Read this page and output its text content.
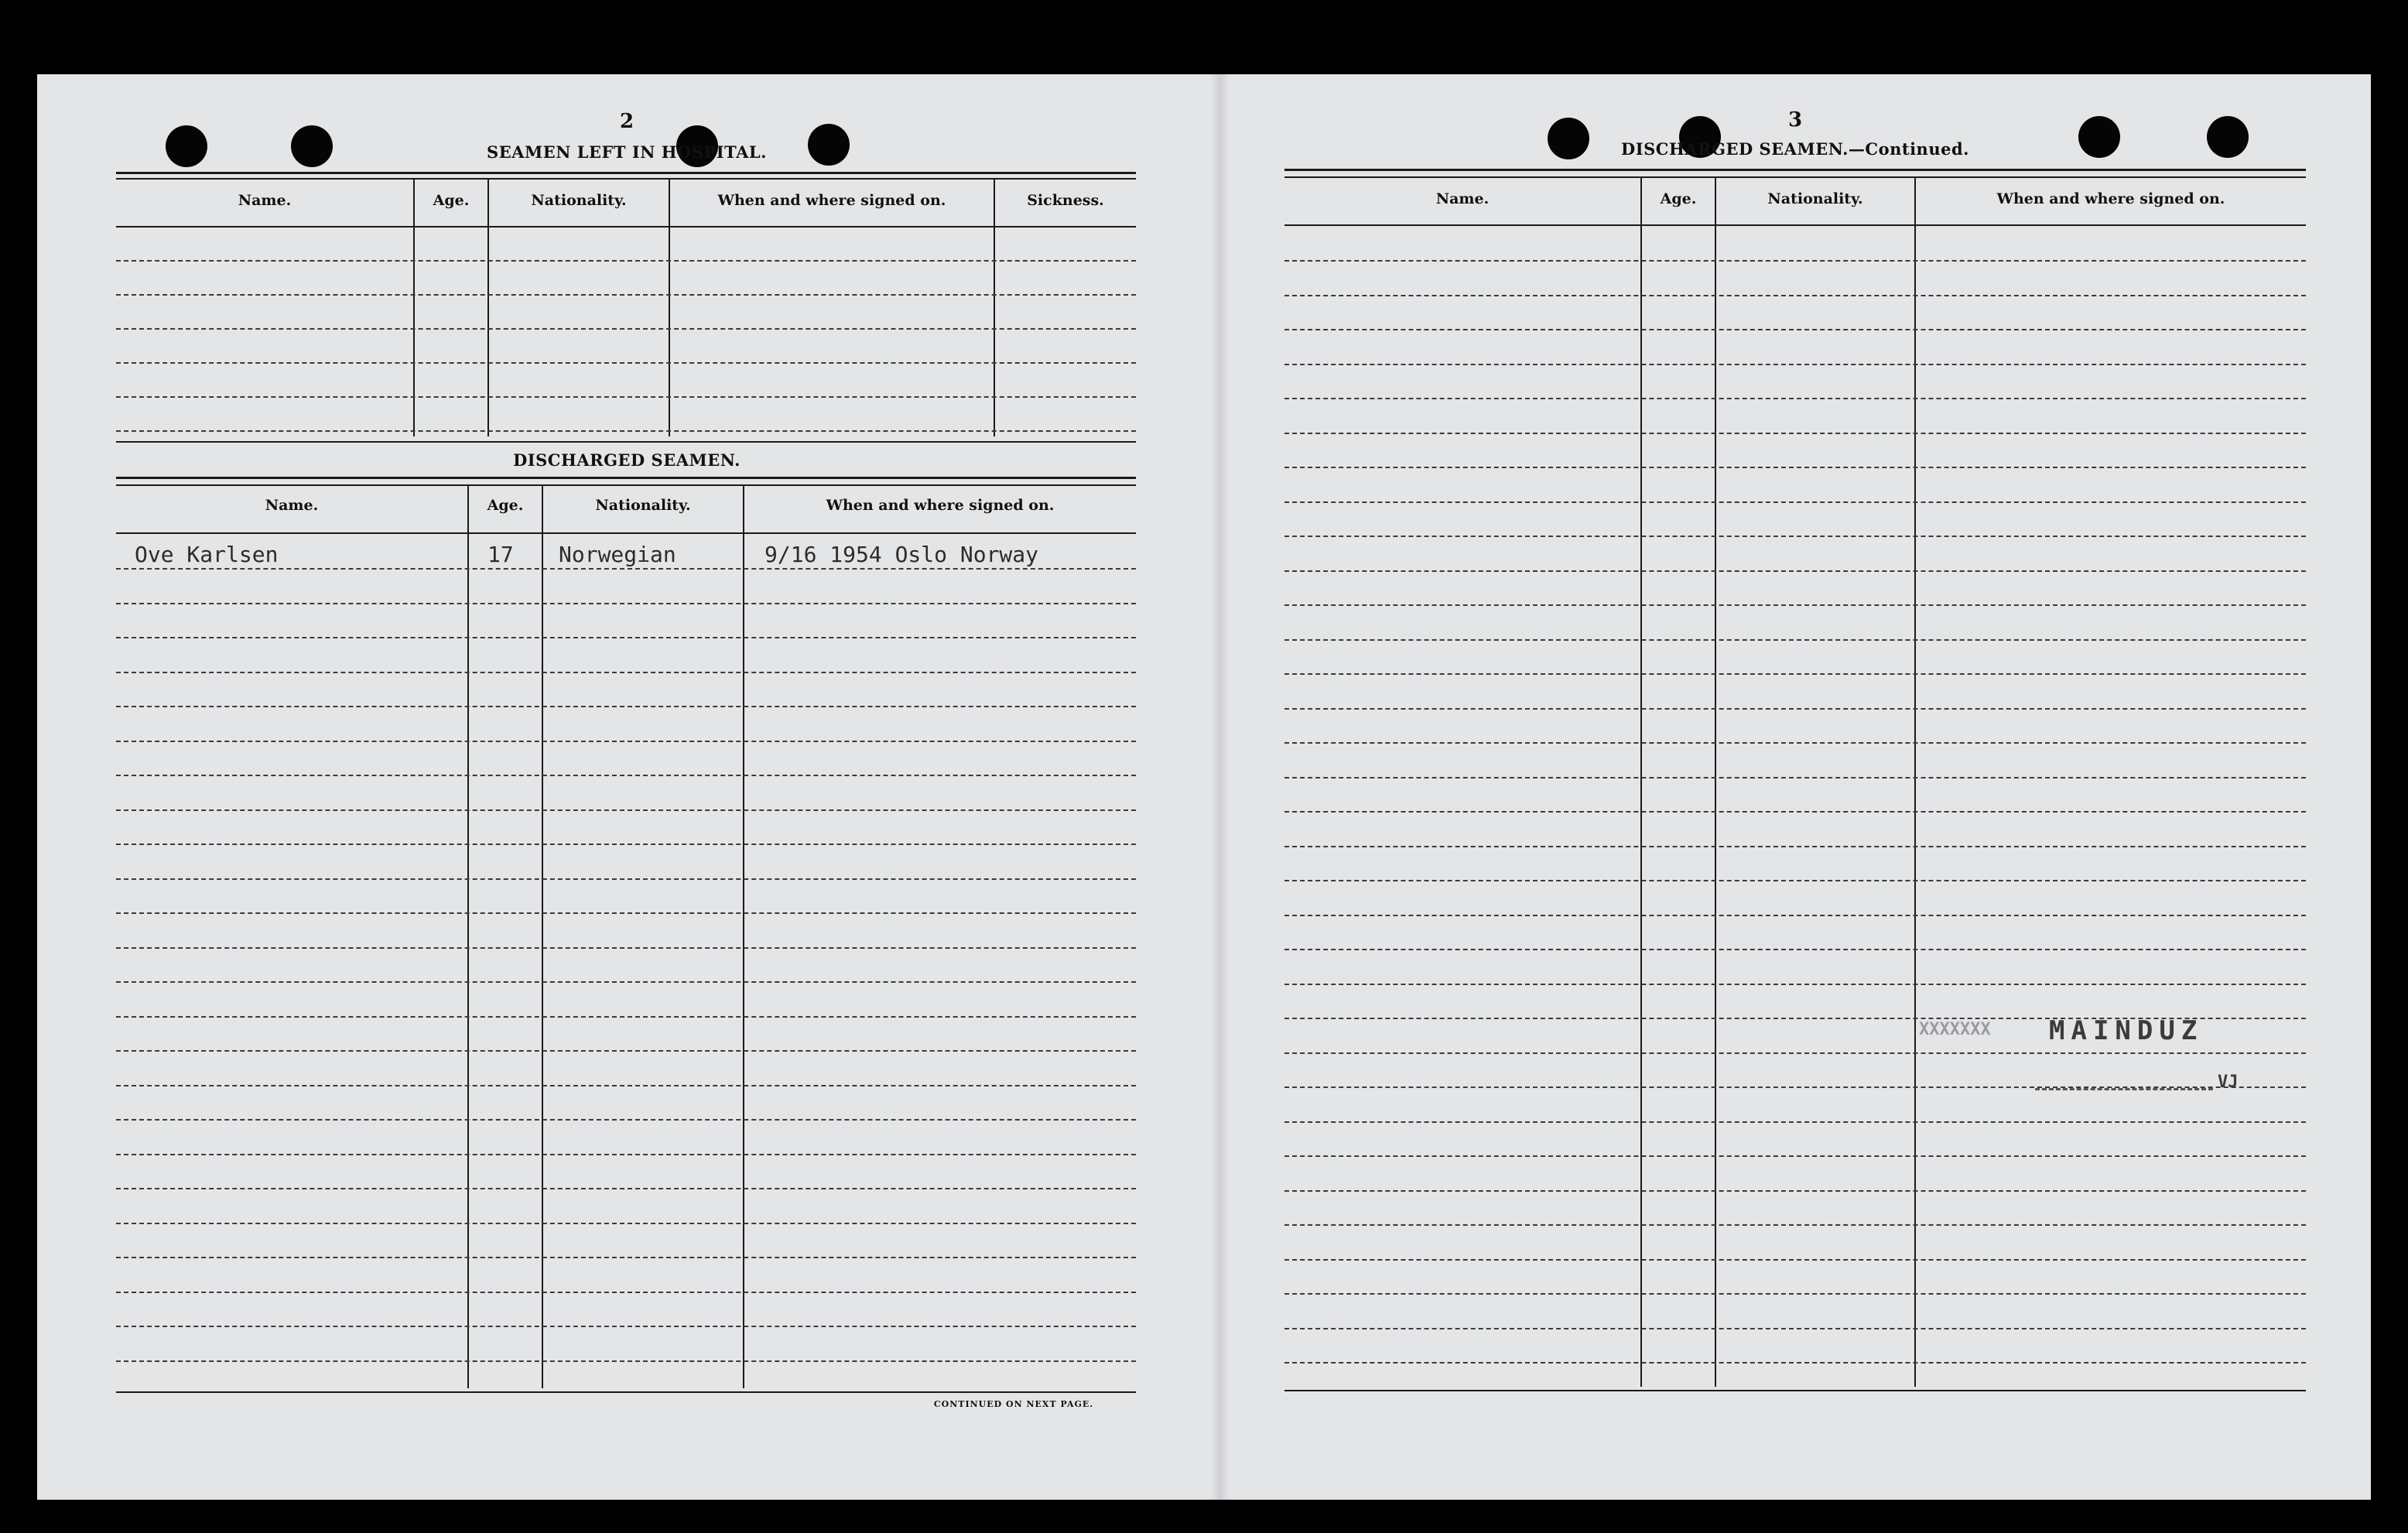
2
SEAMEN LEFT IN HOSPITAL.
Name.	Age.	Nationality.	When and where signed on.	Sickness.
DISCHARGED SEAMEN.
Name.	Age.	Nationality.	When and where signed on.
Ove Karlsen	17 Norwegian	9/16 1954 Oslo Norway
CONTINUED ON NEXT PAGE.
3
DISCHARGED SEAMEN.—Continued.
Name.	Age.	Nationality.	When and where signed on.
XXXXXXX MAINDUZ
VJ
